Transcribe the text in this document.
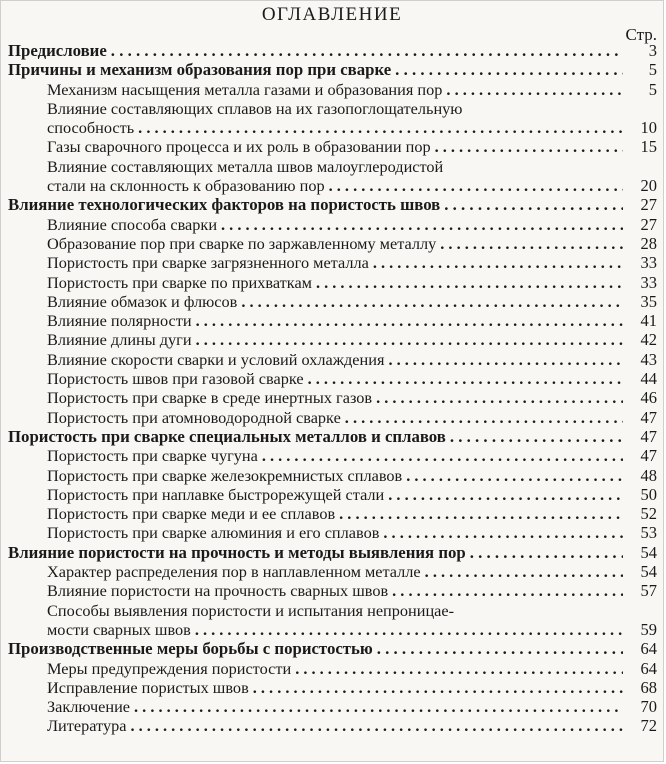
ОГЛАВЛЕНИЕ
Стр.
Предисловие . . .	3
Причины и механизм образования пор при сварке . . .	5
Механизм насыщения металла газами и образования пор . . .	5
Влияние составляющих сплавов на их газопоглощательную
способность . . .	10
Газы сварочного процесса и их роль в образовании пор . . .	15
Влияние составляющих металла швов малоуглеродистой
стали на склонность к образованию пор . . .	20
Влияние технологических факторов на пористость швов . . .	27
Влияние способа сварки . . .	27
Образование пор при сварке по заржавленному металлу . . .	28
Пористость при сварке загрязненного металла . . .	33
Пористость при сварке по прихваткам . . .	33
Влияние обмазок и флюсов . . .	35
Влияние полярности . . .	41
Влияние длины дуги . . .	42
Влияние скорости сварки и условий охлаждения . . .	43
Пористость швов при газовой сварке . . .	44
Пористость при сварке в среде инертных газов . . .	46
Пористость при атомноводородной сварке . . .	47
Пористость при сварке специальных металлов и сплавов . . .	47
Пористость при сварке чугуна . . .	47
Пористость при сварке железокремнистых сплавов . . .	48
Пористость при наплавке быстрорежущей стали . . .	50
Пористость при сварке меди и ее сплавов . . .	52
Пористость при сварке алюминия и его сплавов . . .	53
Влияние пористости на прочность и методы выявления пор . . .	54
Характер распределения пор в наплавленном металле . . .	54
Влияние пористости на прочность сварных швов . . .	57
Способы выявления пористости и испытания непроницае-
мости сварных швов . . .	59
Производственные меры борьбы с пористостью . . .	64
Меры предупреждения пористости . . .	64
Исправление пористых швов . . .	68
Заключение . . .	70
Литература . . .	72
